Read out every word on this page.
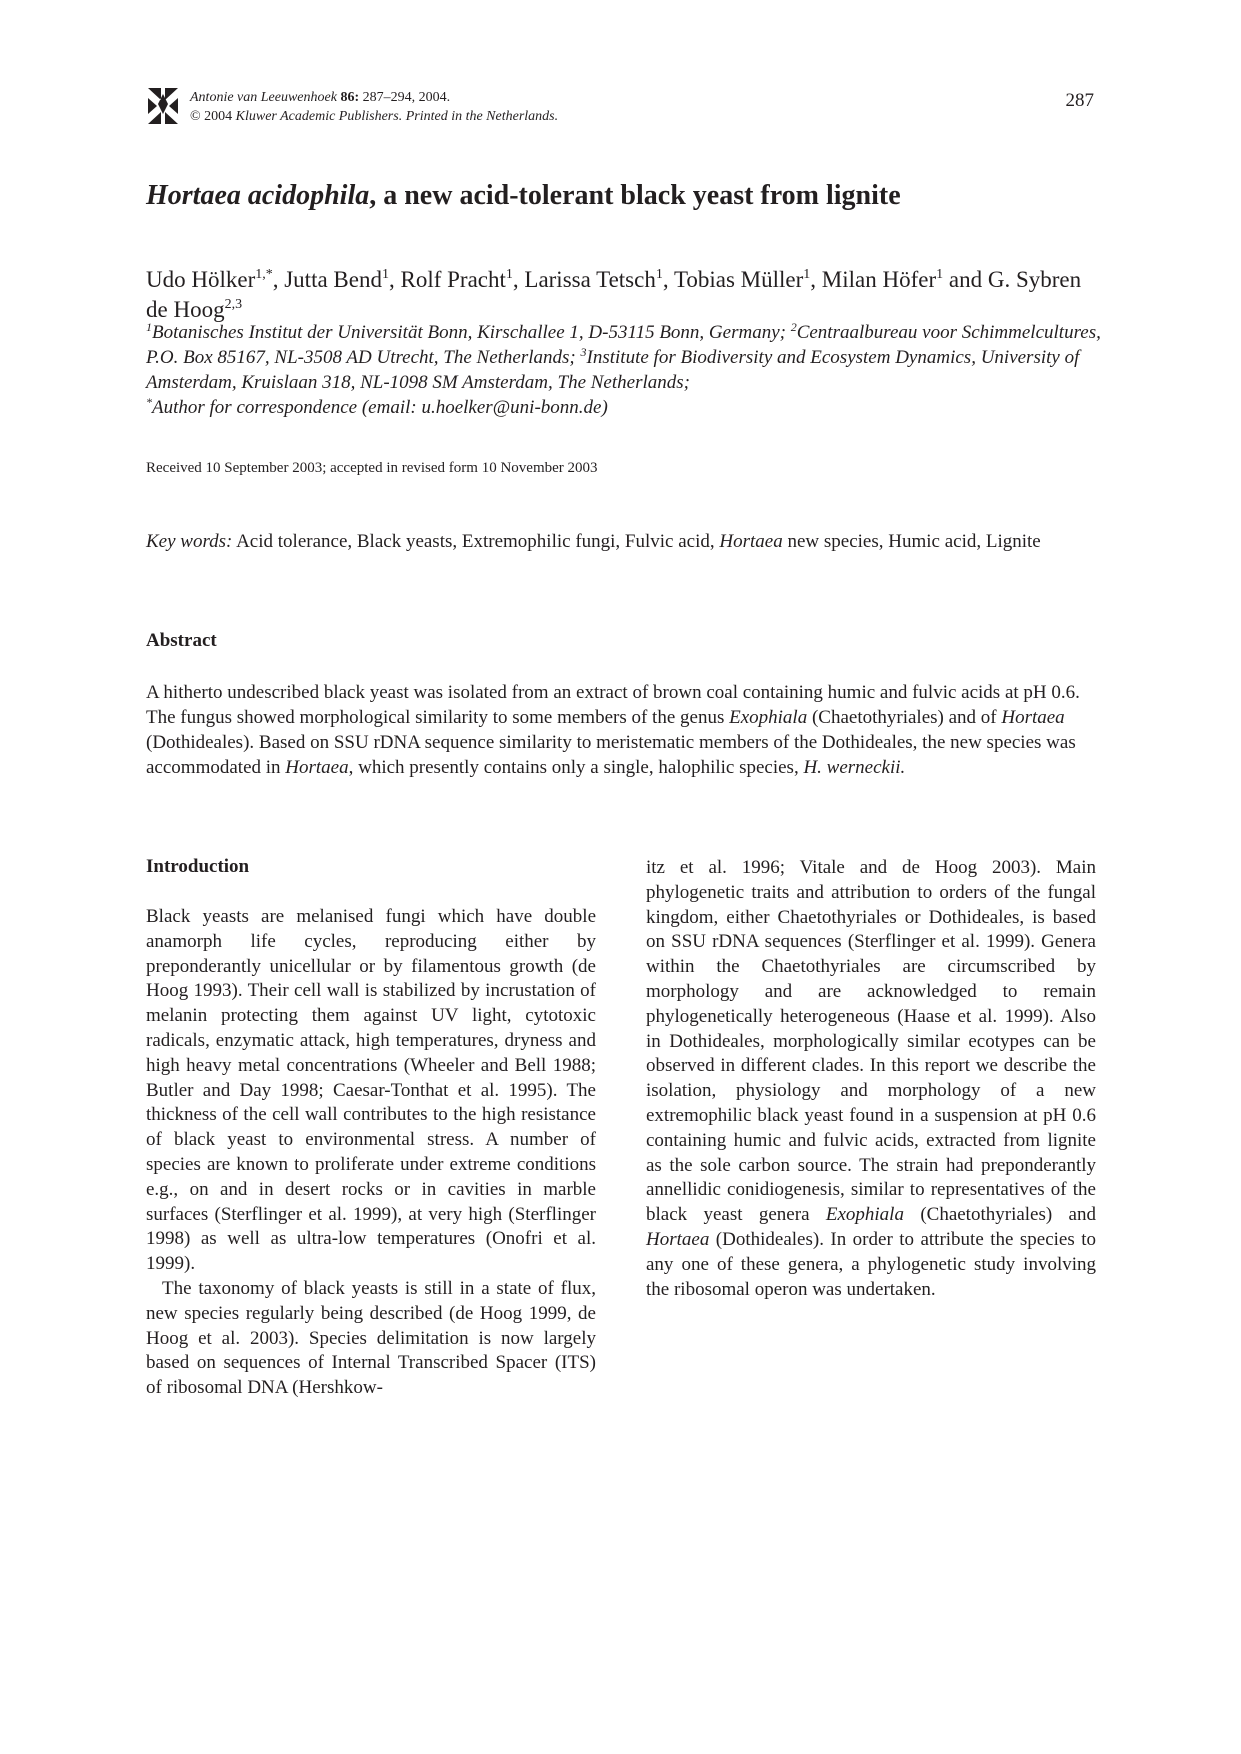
Antonie van Leeuwenhoek 86: 287–294, 2004.
© 2004 Kluwer Academic Publishers. Printed in the Netherlands.
287
Hortaea acidophila, a new acid-tolerant black yeast from lignite
Udo Hölker$^{1,*}$, Jutta Bend$^1$, Rolf Pracht$^1$, Larissa Tetsch$^1$, Tobias Müller$^1$, Milan Höfer$^1$ and G. Sybren de Hoog$^{2,3}$
$^1$Botanisches Institut der Universität Bonn, Kirschallee 1, D-53115 Bonn, Germany; $^2$Centraalbureau voor Schimmelcultures, P.O. Box 85167, NL-3508 AD Utrecht, The Netherlands; $^3$Institute for Biodiversity and Ecosystem Dynamics, University of Amsterdam, Kruislaan 318, NL-1098 SM Amsterdam, The Netherlands;
*Author for correspondence (email: u.hoelker@uni-bonn.de)
Received 10 September 2003; accepted in revised form 10 November 2003
Key words: Acid tolerance, Black yeasts, Extremophilic fungi, Fulvic acid, Hortaea new species, Humic acid, Lignite
Abstract
A hitherto undescribed black yeast was isolated from an extract of brown coal containing humic and fulvic acids at pH 0.6. The fungus showed morphological similarity to some members of the genus Exophiala (Chaetothyriales) and of Hortaea (Dothideales). Based on SSU rDNA sequence similarity to meristematic members of the Dothideales, the new species was accommodated in Hortaea, which presently contains only a single, halophilic species, H. werneckii.
Introduction

Black yeasts are melanised fungi which have double anamorph life cycles, reproducing either by preponderantly unicellular or by filamentous growth (de Hoog 1993). Their cell wall is stabilized by incrustation of melanin protecting them against UV light, cytotoxic radicals, enzymatic attack, high temperatures, dryness and high heavy metal concentrations (Wheeler and Bell 1988; Butler and Day 1998; Caesar-Tonthat et al. 1995). The thickness of the cell wall contributes to the high resistance of black yeast to environmental stress. A number of species are known to proliferate under extreme conditions e.g., on and in desert rocks or in cavities in marble surfaces (Sterflinger et al. 1999), at very high (Sterflinger 1998) as well as ultra-low temperatures (Onofri et al. 1999).

The taxonomy of black yeasts is still in a state of flux, new species regularly being described (de Hoog 1999, de Hoog et al. 2003). Species delimitation is now largely based on sequences of Internal Transcribed Spacer (ITS) of ribosomal DNA (Hershkow-

itz et al. 1996; Vitale and de Hoog 2003). Main phylogenetic traits and attribution to orders of the fungal kingdom, either Chaetothyriales or Dothideales, is based on SSU rDNA sequences (Sterflinger et al. 1999). Genera within the Chaetothyriales are circumscribed by morphology and are acknowledged to remain phylogenetically heterogeneous (Haase et al. 1999). Also in Dothideales, morphologically similar ecotypes can be observed in different clades. In this report we describe the isolation, physiology and morphology of a new extremophilic black yeast found in a suspension at pH 0.6 containing humic and fulvic acids, extracted from lignite as the sole carbon source. The strain had preponderantly annellidic conidiogenesis, similar to representatives of the black yeast genera Exophiala (Chaetothyriales) and Hortaea (Dothideales). In order to attribute the species to any one of these genera, a phylogenetic study involving the ribosomal operon was undertaken.
